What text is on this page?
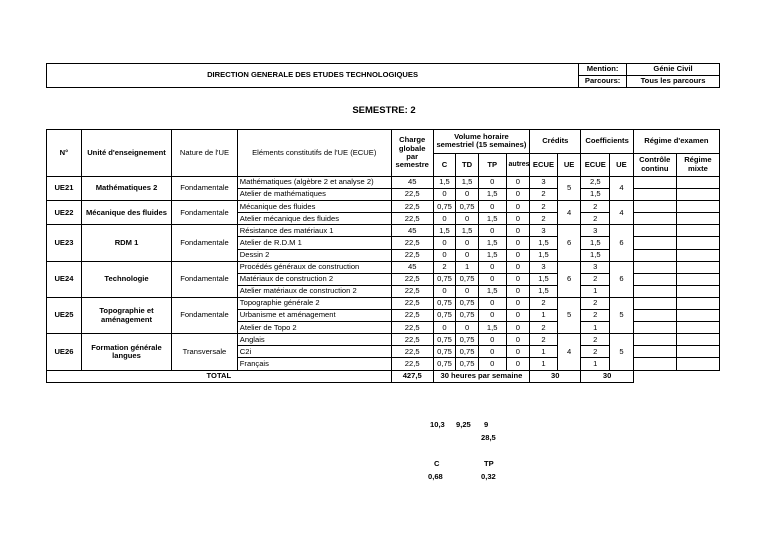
DIRECTION GENERALE DES ETUDES TECHNOLOGIQUES	Mention:	Génie Civil
	Parcours:	Tous les parcours
SEMESTRE: 2
N°	Unité d'enseignement	Nature de l'UE	Eléments constitutifs de l'UE (ECUE)	Charge globale par semestre	Volume horaire semestriel (15 semaines)				Crédits		Coefficients		Régime d'examen	
					C	TD	TP	autres	ECUE	UE	ECUE	UE	Contrôle continu	Régime mixte
UE21	Mathématiques 2	Fondamentale	Mathématiques (algèbre 2 et analyse 2)	45	1,5	1,5	0	0	3	5	2,5	4		
			Atelier de mathématiques	22,5	0	0	1,5	0	2		1,5			
UE22	Mécanique des fluides	Fondamentale	Mécanique des fluides	22,5	0,75	0,75	0	0	2	4	2	4		
			Atelier mécanique des fluides	22,5	0	0	1,5	0	2		2			
UE23	RDM 1	Fondamentale	Résistance des matériaux 1	45	1,5	1,5	0	0	3	6	3	6		
			Atelier de R.D.M 1	22,5	0	0	1,5	0	1,5		1,5			
			Dessin 2	22,5	0	0	1,5	0	1,5		1,5			
UE24	Technologie	Fondamentale	Procédés généraux de construction	45	2	1	0	0	3	6	3	6		
			Matériaux de construction 2	22,5	0,75	0,75	0	0	1,5		2			
			Atelier matériaux de construction 2	22,5	0	0	1,5	0	1,5		1			
UE25	Topographie et aménagement	Fondamentale	Topographie générale 2	22,5	0,75	0,75	0	0	2	5	2	5		
			Urbanisme et aménagement	22,5	0,75	0,75	0	0	1		2			
			Atelier de Topo 2	22,5	0	0	1,5	0	2		1			
UE26	Formation générale langues	Transversale	Anglais	22,5	0,75	0,75	0	0	2	4	2	5		
			C2i	22,5	0,75	0,75	0	0	1		2			
			Français	22,5	0,75	0,75	0	0	1		1			
TOTAL				427,5	30 heures par semaine				30		30			
10,3 9,25 9
28,5
C	TP
0,68	0,32
